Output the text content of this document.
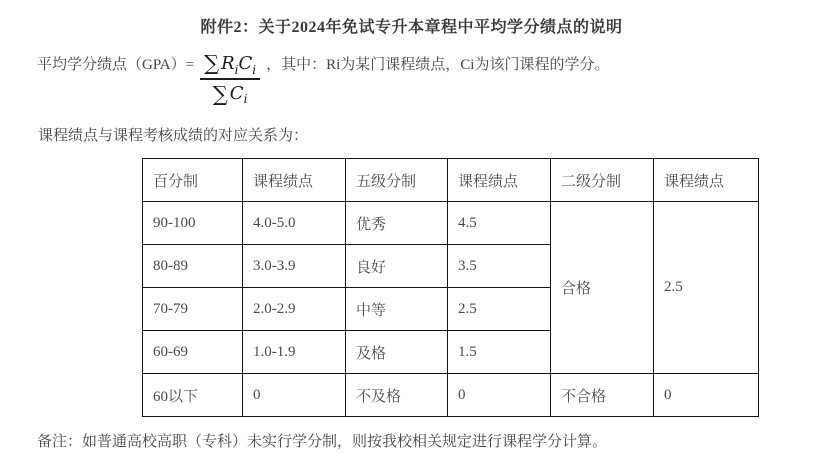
附件2：关于2024年免试专升本章程中平均学分绩点的说明
平均学分绩点$(GPA)= \frac{\text{∑ R i C i}}{\text{∑ C i}}$ ，其中：Ri为某门课程绩点，Ci为该门课程的学分。
课程绩点与课程考核成绩的对应关系为：
百分制	课程绩点	五级分制	课程绩点	二级分制	课程绩点
90-100	4.0-5.0	优秀	4.5	合格	2.5
80-89	3.0-3.9	良好	3.5		
70-79	2.0-2.9	中等	2.5		
60-69	1.0-1.9	及格	1.5		
60以下	0	不及格	0	不合格	0
备注：如普通高校高职（专科）未实行学分制，则按我校相关规定进行课程学分计算。
